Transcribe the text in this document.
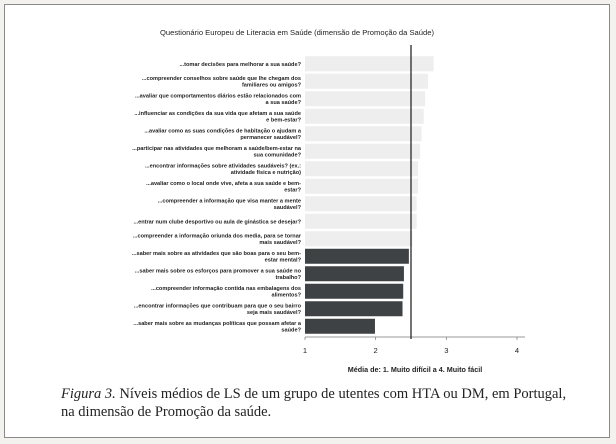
Questionário Europeu de Literacia em Saúde (dimensão de Promoção da Saúde)
...tomar decisões para melhorar a sua saúde?
...compreender conselhos sobre saúde que lhe chegam dos familiares ou amigos?
...avaliar que comportamentos diários estão relacionados com a sua saúde?
...influenciar as condições da sua vida que afetam a sua saúde e bem-estar?
...avaliar como as suas condições de habitação o ajudam a permanecer saudável?
...participar nas atividades que melhoram a saúde/bem-estar na sua comunidade?
...encontrar informações sobre atividades saudáveis? (ex.: atividade física e nutrição)
...avaliar como o local onde vive, afeta a sua saúde e bem-estar?
...compreender a informação que visa manter a mente saudável?
...entrar num clube desportivo ou aula de ginástica se desejar?
...compreender a informação oriunda dos media, para se tornar mais saudável?
...saber mais sobre as atividades que são boas para o seu bem-estar mental?
...saber mais sobre os esforços para promover a sua saúde no trabalho?
...compreender informação contida nas embalagens dos alimentos?
...encontrar informações que contribuam para que o seu bairro seja mais saudável?
...saber mais sobre as mudanças políticas que possam afetar a saúde?
1	2	3	4
Média de: 1. Muito difícil a 4. Muito fácil
Figura 3. Níveis médios de LS de um grupo de utentes com HTA ou DM, em Portugal, na dimensão de Promoção da saúde.
